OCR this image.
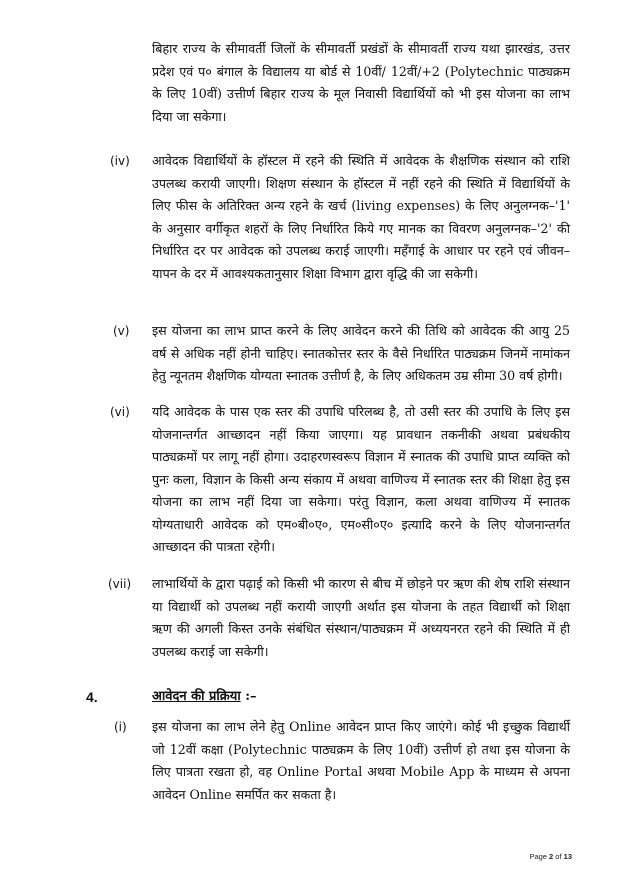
बिहार राज्य के सीमावर्ती जिलों के सीमावर्ती प्रखंडों के सीमावर्ती राज्य यथा झारखंड, उत्तर प्रदेश एवं प० बंगाल के विद्यालय या बोर्ड से 10वीं/ 12वीं/+2 (Polytechnic पाठ्यक्रम के लिए 10वीं) उत्तीर्ण बिहार राज्य के मूल निवासी विद्यार्थियों को भी इस योजना का लाभ दिया जा सकेगा।
(iv) आवेदक विद्यार्थियों के हॉस्टल में रहने की स्थिति में आवेदक के शैक्षणिक संस्थान को राशि उपलब्ध करायी जाएगी। शिक्षण संस्थान के हॉस्टल में नहीं रहने की स्थिति में विद्यार्थियों के लिए फीस के अतिरिक्त अन्य रहने के खर्च (living expenses) के लिए अनुलग्नक–'1' के अनुसार वर्गीकृत शहरों के लिए निर्धारित किये गए मानक का विवरण अनुलग्नक–'2' की निर्धारित दर पर आवेदक को उपलब्ध कराई जाएगी। महँगाई के आधार पर रहने एवं जीवन–यापन के दर में आवश्यकतानुसार शिक्षा विभाग द्वारा वृद्धि की जा सकेगी।
(v) इस योजना का लाभ प्राप्त करने के लिए आवेदन करने की तिथि को आवेदक की आयु 25 वर्ष से अधिक नहीं होनी चाहिए। स्नातकोत्तर स्तर के वैसे निर्धारित पाठ्यक्रम जिनमें नामांकन हेतु न्यूनतम शैक्षणिक योग्यता स्नातक उत्तीर्ण है, के लिए अधिकतम उम्र सीमा 30 वर्ष होगी।
(vi) यदि आवेदक के पास एक स्तर की उपाधि परिलब्ध है, तो उसी स्तर की उपाधि के लिए इस योजनान्तर्गत आच्छादन नहीं किया जाएगा। यह प्रावधान तकनीकी अथवा प्रबंधकीय पाठ्यक्रमों पर लागू नहीं होगा। उदाहरणस्वरूप विज्ञान में स्नातक की उपाधि प्राप्त व्यक्ति को पुनः कला, विज्ञान के किसी अन्य संकाय में अथवा वाणिज्य में स्नातक स्तर की शिक्षा हेतु इस योजना का लाभ नहीं दिया जा सकेगा। परंतु विज्ञान, कला अथवा वाणिज्य में स्नातक योग्यताधारी आवेदक को एम०बी०ए०, एम०सी०ए० इत्यादि करने के लिए योजनान्तर्गत आच्छादन की पात्रता रहेगी।
(vii) लाभार्थियों के द्वारा पढ़ाई को किसी भी कारण से बीच में छोड़ने पर ऋण की शेष राशि संस्थान या विद्यार्थी को उपलब्ध नहीं करायी जाएगी अर्थात इस योजना के तहत विद्यार्थी को शिक्षा ऋण की अगली किस्त उनके संबंधित संस्थान/पाठ्यक्रम में अध्ययनरत रहने की स्थिति में ही उपलब्ध कराई जा सकेगी।
4.	आवेदन की प्रक्रिया :–
(i) इस योजना का लाभ लेने हेतु Online आवेदन प्राप्त किए जाएंगे। कोई भी इच्छुक विद्यार्थी जो 12वीं कक्षा (Polytechnic पाठ्यक्रम के लिए 10वीं) उत्तीर्ण हो तथा इस योजना के लिए पात्रता रखता हो, वह Online Portal अथवा Mobile App के माध्यम से अपना आवेदन Online समर्पित कर सकता है।
Page 2 of 13
